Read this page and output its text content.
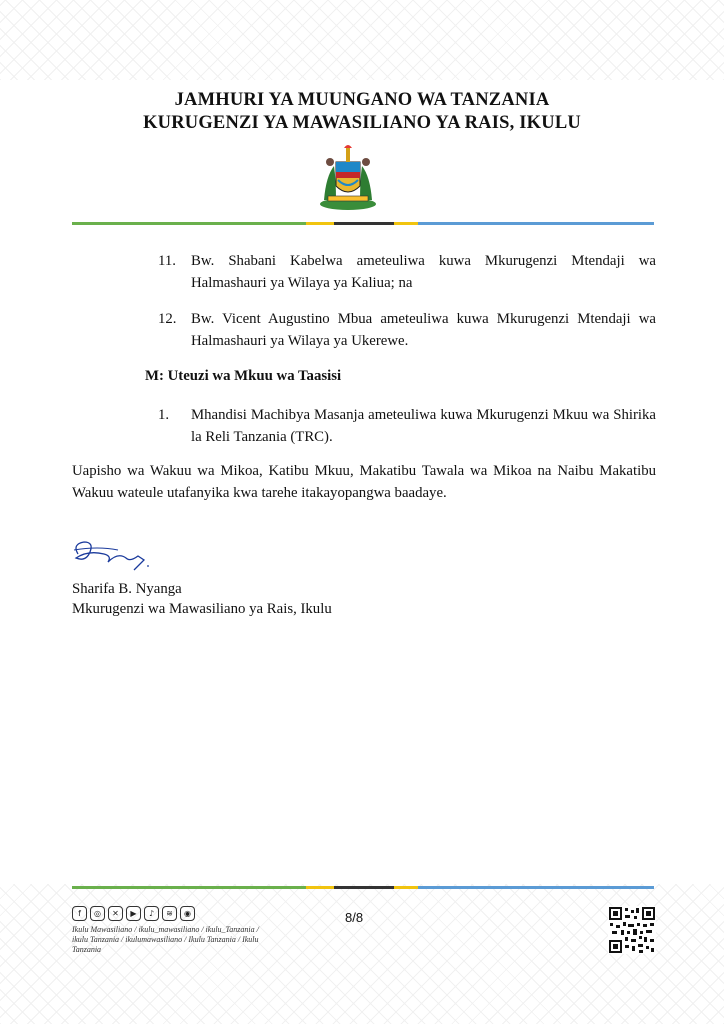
JAMHURI YA MUUNGANO WA TANZANIA
KURUGENZI YA MAWASILIANO YA RAIS, IKULU
11. Bw. Shabani Kabelwa ameteuliwa kuwa Mkurugenzi Mtendaji wa Halmashauri ya Wilaya ya Kaliua; na
12. Bw. Vicent Augustino Mbua ameteuliwa kuwa Mkurugenzi Mtendaji wa Halmashauri ya Wilaya ya Ukerewe.
M: Uteuzi wa Mkuu wa Taasisi
1. Mhandisi Machibya Masanja ameteuliwa kuwa Mkurugenzi Mkuu wa Shirika la Reli Tanzania (TRC).
Uapisho wa Wakuu wa Mikoa, Katibu Mkuu, Makatibu Tawala wa Mikoa na Naibu Makatibu Wakuu wateule utafanyika kwa tarehe itakayopangwa baadaye.
Sharifa B. Nyanga
Mkurugenzi wa Mawasiliano ya Rais, Ikulu
f	◎	✕	▶	♪	≋	◉
Ikulu Mawasiliano / ikulu_mawasiliano / ikulu_Tanzania / ikulu Tanzania / ikulumawasiliano / Ikulu Tanzania / Ikulu Tanzania
8/8
